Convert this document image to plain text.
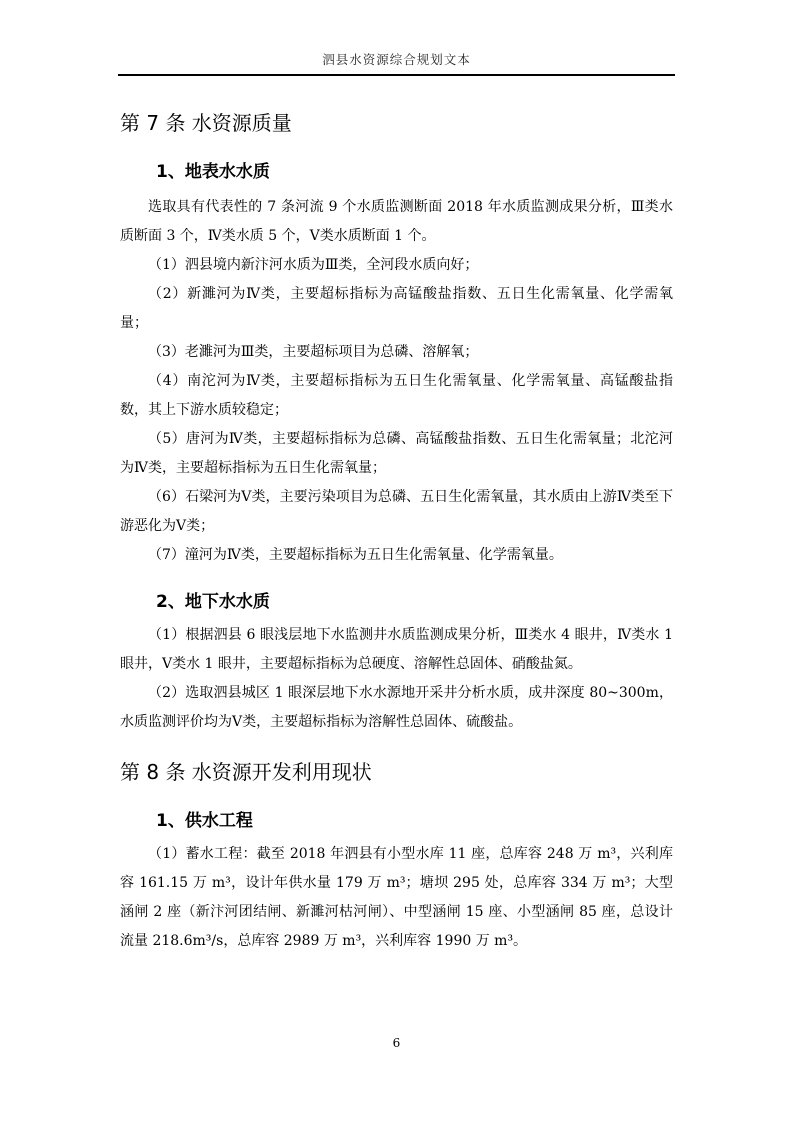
泗县水资源综合规划文本
第 7 条 水资源质量
1、地表水水质

选取具有代表性的 7 条河流 9 个水质监测断面 2018 年水质监测成果分析，Ⅲ类水质断面 3 个，Ⅳ类水质 5 个，Ⅴ类水质断面 1 个。

（1）泗县境内新汴河水质为Ⅲ类，全河段水质向好；

（2）新濉河为Ⅳ类，主要超标指标为高锰酸盐指数、五日生化需氧量、化学需氧量；

（3）老濉河为Ⅲ类，主要超标项目为总磷、溶解氧；

（4）南沱河为Ⅳ类，主要超标指标为五日生化需氧量、化学需氧量、高锰酸盐指数，其上下游水质较稳定；

（5）唐河为Ⅳ类，主要超标指标为总磷、高锰酸盐指数、五日生化需氧量；北沱河为Ⅳ类，主要超标指标为五日生化需氧量；

（6）石梁河为Ⅴ类，主要污染项目为总磷、五日生化需氧量，其水质由上游Ⅳ类至下游恶化为Ⅴ类；

（7）潼河为Ⅳ类，主要超标指标为五日生化需氧量、化学需氧量。

2、地下水水质

（1）根据泗县 6 眼浅层地下水监测井水质监测成果分析，Ⅲ类水 4 眼井，Ⅳ类水 1 眼井，Ⅴ类水 1 眼井，主要超标指标为总硬度、溶解性总固体、硝酸盐氮。

（2）选取泗县城区 1 眼深层地下水水源地开采井分析水质，成井深度 80~300m，水质监测评价均为Ⅴ类，主要超标指标为溶解性总固体、硫酸盐。

第 8 条 水资源开发利用现状
1、供水工程

（1）蓄水工程：截至 2018 年泗县有小型水库 11 座，总库容 248 万 m³，兴利库容 161.15 万 m³，设计年供水量 179 万 m³；塘坝 295 处，总库容 334 万 m³；大型涵闸 2 座（新汴河团结闸、新濉河枯河闸）、中型涵闸 15 座、小型涵闸 85 座，总设计流量 218.6m³/s，总库容 2989 万 m³，兴利库容 1990 万 m³。

6
